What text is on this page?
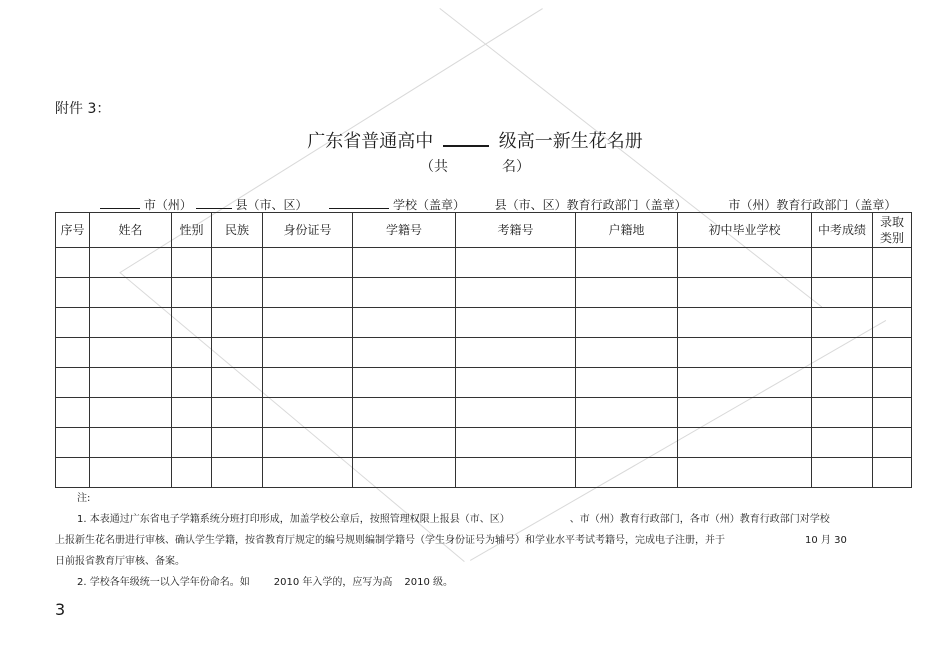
附件 3：
广东省普通高中	级高一新生花名册
（共	名）
市（州）	县（市、区）	学校（盖章） 县（市、区）教育行政部门（盖章）	市（州）教育行政部门（盖章）
序号	姓名	性别	民族	身份证号	学籍号	考籍号	户籍地	初中毕业学校	中考成绩	录取类别

注:
1. 本表通过广东省电子学籍系统分班打印形成，加盖学校公章后，按照管理权限上报县（市、区）	、市（州）教育行政部门，各市（州）教育行政部门对学校
上报新生花名册进行审核、确认学生学籍，按省教育厅规定的编号规则编制学籍号（学生身份证号为辅号）和学业水平考试考籍号，完成电子注册，并于	10 月 30
日前报省教育厅审核、备案。
2. 学校各年级统一以入学年份命名。如 2010 年入学的，应写为高 2010 级。
3
